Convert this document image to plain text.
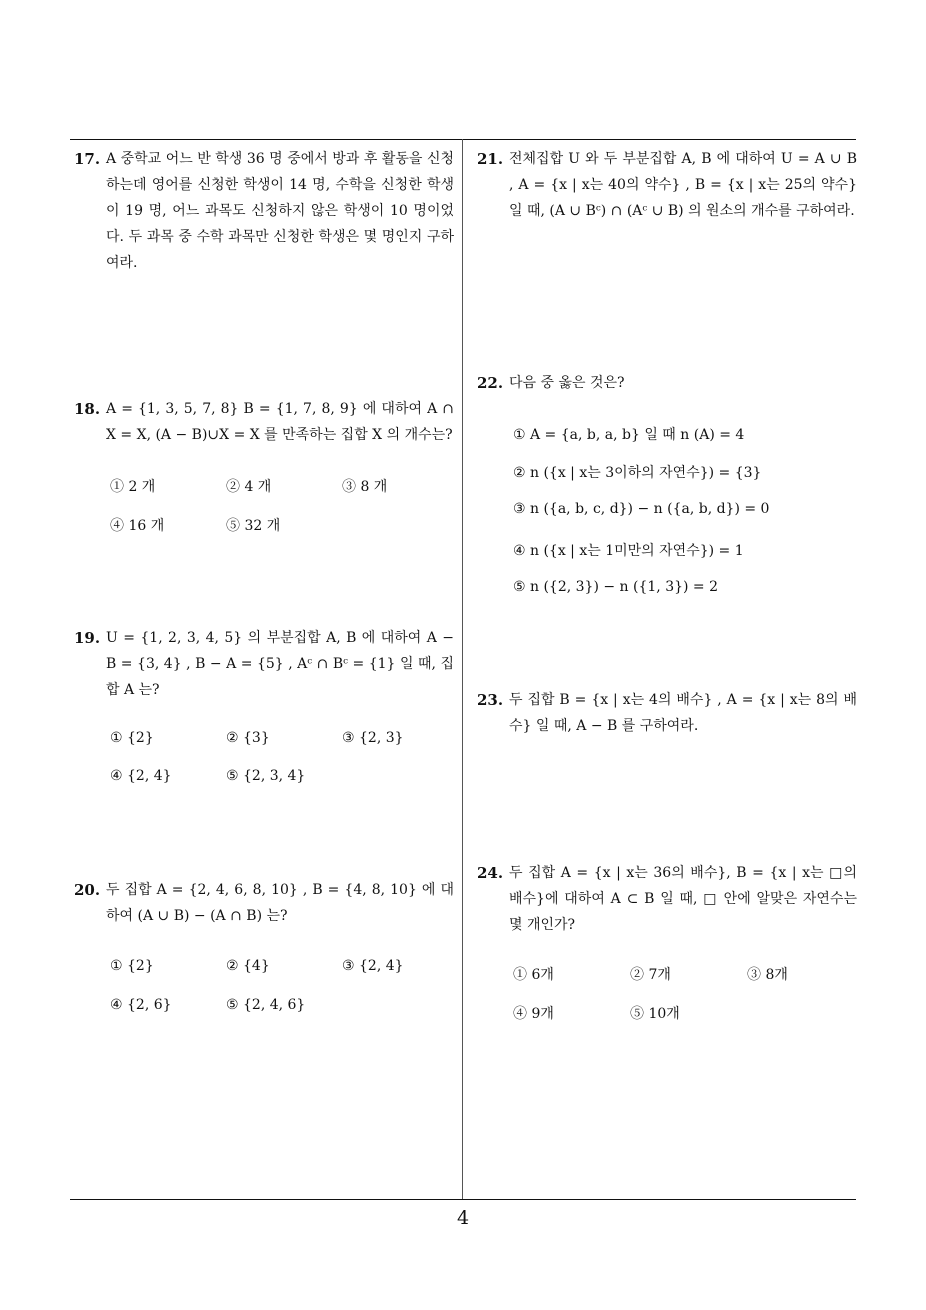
17. A 중학교 어느 반 학생 36 명 중에서 방과 후 활동을 신청하는데 영어를 신청한 학생이 14 명, 수학을 신청한 학생이 19 명, 어느 과목도 신청하지 않은 학생이 10 명이었다. 두 과목 중 수학 과목만 신청한 학생은 몇 명인지 구하여라.
18. A = {1, 3, 5, 7, 8} B = {1, 7, 8, 9} 에 대하여 A ∩ X = X, (A − B)∪X = X 를 만족하는 집합 X 의 개수는?
① 2 개	② 4 개	③ 8 개
④ 16 개	⑤ 32 개
19. U = {1, 2, 3, 4, 5} 의 부분집합 A, B 에 대하여 A − B = {3, 4} , B − A = {5} , Aᶜ ∩ Bᶜ = {1} 일 때, 집합 A 는?
① {2}	② {3}	③ {2, 3}
④ {2, 4}	⑤ {2, 3, 4}
20. 두 집합 A = {2, 4, 6, 8, 10} , B = {4, 8, 10} 에 대하여 (A ∪ B) − (A ∩ B) 는?
① {2}	② {4}	③ {2, 4}
④ {2, 6}	⑤ {2, 4, 6}
21. 전체집합 U 와 두 부분집합 A, B 에 대하여 U = A ∪ B , A = {x | x는 40의 약수} , B = {x | x는 25의 약수} 일 때, (A ∪ Bᶜ) ∩ (Aᶜ ∪ B) 의 원소의 개수를 구하여라.
22. 다음 중 옳은 것은?
① A = {a, b, a, b} 일 때 n (A) = 4
② n ({x | x는 3이하의 자연수}) = {3}
③ n ({a, b, c, d}) − n ({a, b, d}) = 0
④ n ({x | x는 1미만의 자연수}) = 1
⑤ n ({2, 3}) − n ({1, 3}) = 2
23. 두 집합 B = {x | x는 4의 배수} , A = {x | x는 8의 배수} 일 때, A − B 를 구하여라.
24. 두 집합 A = {x | x는 36의 배수}, B = {x | x는 □의 배수}에 대하여 A ⊂ B 일 때, □ 안에 알맞은 자연수는 몇 개인가?
① 6개	② 7개	③ 8개
④ 9개	⑤ 10개
4
